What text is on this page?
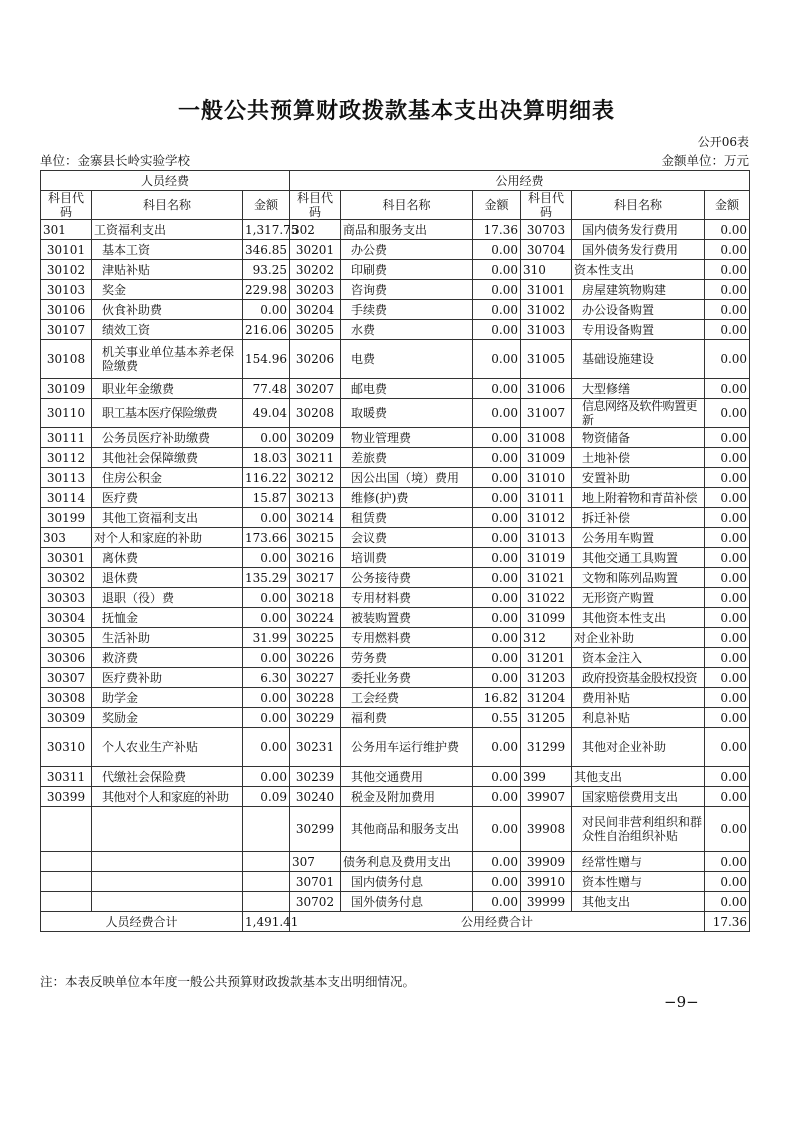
一般公共预算财政拨款基本支出决算明细表
公开06表
单位：金寨县长岭实验学校	金额单位：万元
人员经费			公用经费					
科目代码	科目名称	金额	科目代码	科目名称	金额	科目代码	科目名称	金额
301	工资福利支出	1,317.75	302	商品和服务支出	17.36	30703	国内债务发行费用	0.00
30101	基本工资	346.85	30201	办公费	0.00	30704	国外债务发行费用	0.00
30102	津贴补贴	93.25	30202	印刷费	0.00	310	资本性支出	0.00
30103	奖金	229.98	30203	咨询费	0.00	31001	房屋建筑物购建	0.00
30106	伙食补助费	0.00	30204	手续费	0.00	31002	办公设备购置	0.00
30107	绩效工资	216.06	30205	水费	0.00	31003	专用设备购置	0.00
30108	机关事业单位基本养老保险缴费	154.96	30206	电费	0.00	31005	基础设施建设	0.00
30109	职业年金缴费	77.48	30207	邮电费	0.00	31006	大型修缮	0.00
30110	职工基本医疗保险缴费	49.04	30208	取暖费	0.00	31007	信息网络及软件购置更新	0.00
30111	公务员医疗补助缴费	0.00	30209	物业管理费	0.00	31008	物资储备	0.00
30112	其他社会保障缴费	18.03	30211	差旅费	0.00	31009	土地补偿	0.00
30113	住房公积金	116.22	30212	因公出国（境）费用	0.00	31010	安置补助	0.00
30114	医疗费	15.87	30213	维修(护)费	0.00	31011	地上附着物和青苗补偿	0.00
30199	其他工资福利支出	0.00	30214	租赁费	0.00	31012	拆迁补偿	0.00
303	对个人和家庭的补助	173.66	30215	会议费	0.00	31013	公务用车购置	0.00
30301	离休费	0.00	30216	培训费	0.00	31019	其他交通工具购置	0.00
30302	退休费	135.29	30217	公务接待费	0.00	31021	文物和陈列品购置	0.00
30303	退职（役）费	0.00	30218	专用材料费	0.00	31022	无形资产购置	0.00
30304	抚恤金	0.00	30224	被装购置费	0.00	31099	其他资本性支出	0.00
30305	生活补助	31.99	30225	专用燃料费	0.00	312	对企业补助	0.00
30306	救济费	0.00	30226	劳务费	0.00	31201	资本金注入	0.00
30307	医疗费补助	6.30	30227	委托业务费	0.00	31203	政府投资基金股权投资	0.00
30308	助学金	0.00	30228	工会经费	16.82	31204	费用补贴	0.00
30309	奖励金	0.00	30229	福利费	0.55	31205	利息补贴	0.00
30310	个人农业生产补贴	0.00	30231	公务用车运行维护费	0.00	31299	其他对企业补助	0.00
30311	代缴社会保险费	0.00	30239	其他交通费用	0.00	399	其他支出	0.00
30399	其他对个人和家庭的补助	0.09	30240	税金及附加费用	0.00	39907	国家赔偿费用支出	0.00
			30299	其他商品和服务支出	0.00	39908	对民间非营利组织和群众性自治组织补贴	0.00
			307	债务利息及费用支出	0.00	39909	经常性赠与	0.00
			30701	国内债务付息	0.00	39910	资本性赠与	0.00
			30702	国外债务付息	0.00	39999	其他支出	0.00
人员经费合计		1,491.41	公用经费合计					17.36
注：本表反映单位本年度一般公共预算财政拨款基本支出明细情况。
−9−
